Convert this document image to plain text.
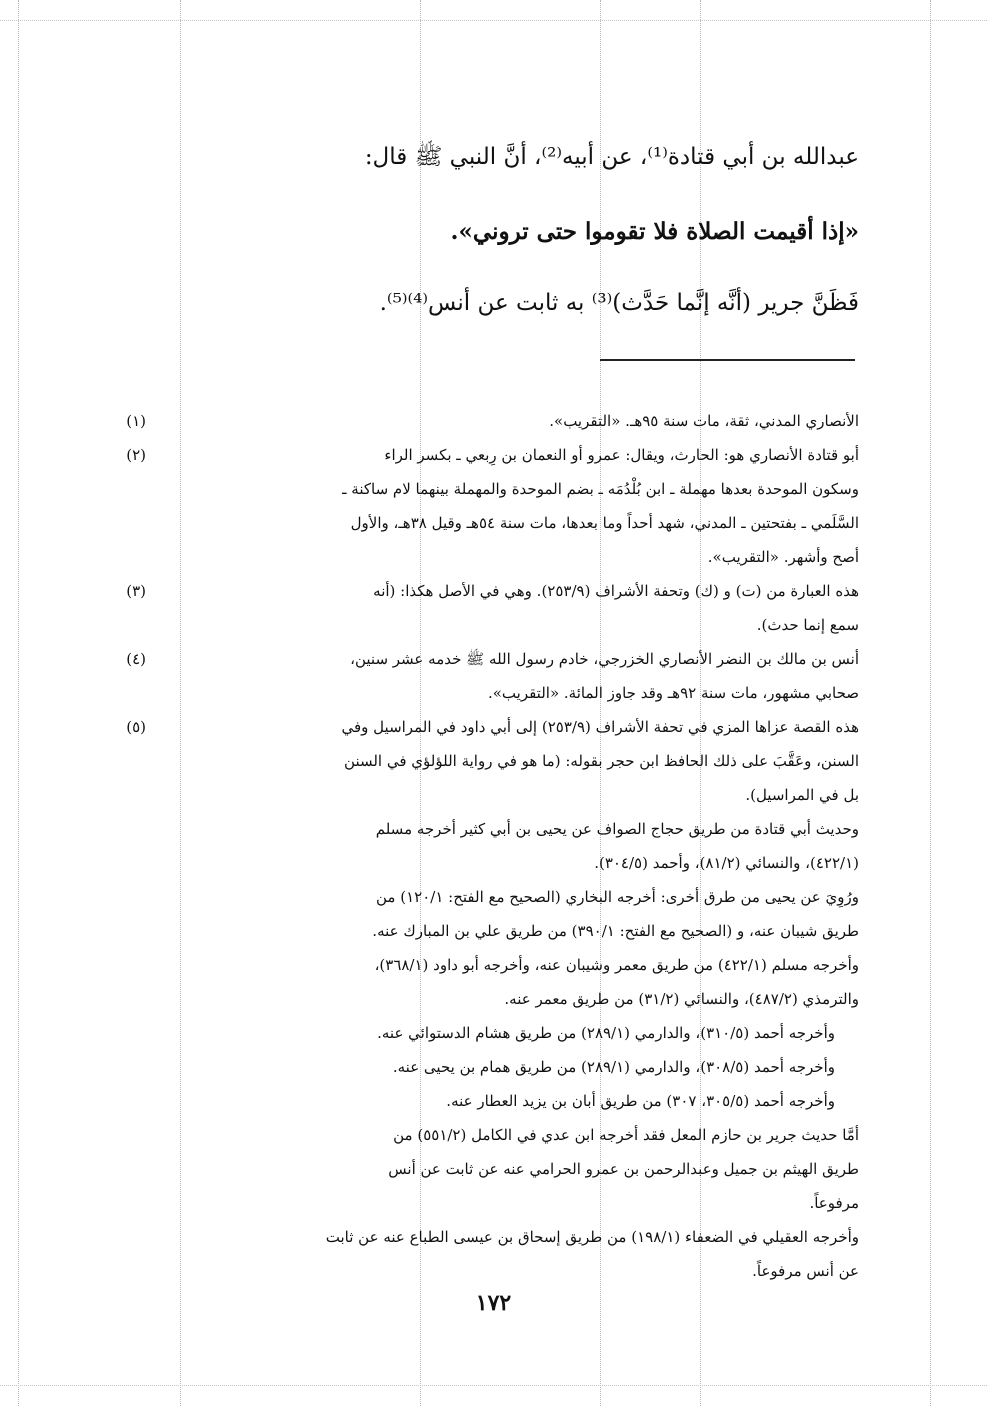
عبدالله بن أبي قتادة⁽¹⁾، عن أبيه⁽²⁾، أنَّ النبي ﷺ قال:
«إذا أقيمت الصلاة فلا تقوموا حتى تروني».
فَظَنَّ جرير (أنَّه إنَّما حَدَّث)⁽³⁾ به ثابت عن أنس⁽⁴⁾⁽⁵⁾.
(١)	الأنصاري المدني، ثقة، مات سنة ٩٥هـ. «التقريب».
(٢)	أبو قتادة الأنصاري هو: الحارث، ويقال: عمرو أو النعمان بن رِبعي ـ بكسر الراء
وسكون الموحدة بعدها مهملة ـ ابن بُلْدُمَه ـ بضم الموحدة والمهملة بينهما لام ساكنة ـ
السَّلَمي ـ بفتحتين ـ المدني، شهد أحداً وما بعدها، مات سنة ٥٤هـ وقيل ٣٨هـ، والأول
أصح وأشهر. «التقريب».
(٣)	هذه العبارة من (ت) و (ك) وتحفة الأشراف (٢٥٣/٩). وهي في الأصل هكذا: (أنه
سمع إنما حدث).
(٤)	أنس بن مالك بن النضر الأنصاري الخزرجي، خادم رسول الله ﷺ خدمه عشر سنين،
صحابي مشهور، مات سنة ٩٢هـ وقد جاوز المائة. «التقريب».
(٥)	هذه القصة عزاها المزي في تحفة الأشراف (٢٥٣/٩) إلى أبي داود في المراسيل وفي
السنن، وعَقَّبَ على ذلك الحافظ ابن حجر بقوله: (ما هو في رواية اللؤلؤي في السنن
بل في المراسيل).
وحديث أبي قتادة من طريق حجاج الصواف عن يحيى بن أبي كثير أخرجه مسلم
(٤٢٢/١)، والنسائي (٨١/٢)، وأحمد (٣٠٤/٥).
ورُوِيَ عن يحيى من طرق أخرى: أخرجه البخاري (الصحيح مع الفتح: ١٢٠/١) من
طريق شيبان عنه، و (الصحيح مع الفتح: ٣٩٠/١) من طريق علي بن المبارك عنه.
وأخرجه مسلم (٤٢٢/١) من طريق معمر وشيبان عنه، وأخرجه أبو داود (٣٦٨/١)،
والترمذي (٤٨٧/٢)، والنسائي (٣١/٢) من طريق معمر عنه.
وأخرجه أحمد (٣١٠/٥)، والدارمي (٢٨٩/١) من طريق هشام الدستوائي عنه.
وأخرجه أحمد (٣٠٨/٥)، والدارمي (٢٨٩/١) من طريق همام بن يحيى عنه.
وأخرجه أحمد (٣٠٥/٥، ٣٠٧) من طريق أبان بن يزيد العطار عنه.
أمَّا حديث جرير بن حازم المعل فقد أخرجه ابن عدي في الكامل (٥٥١/٢) من
طريق الهيثم بن جميل وعبدالرحمن بن عمرو الحرامي عنه عن ثابت عن أنس
مرفوعاً.
وأخرجه العقيلي في الضعفاء (١٩٨/١) من طريق إسحاق بن عيسى الطباع عنه عن ثابت
عن أنس مرفوعاً.
١٧٢
